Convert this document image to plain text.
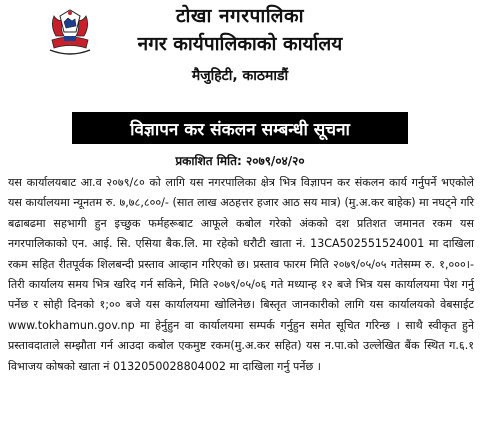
टोखा नगरपालिका
नगर कार्यपालिकाको कार्यालय
मैजुहिटी, काठमाडौं
विज्ञापन कर संकलन सम्बन्धी सूचना
प्रकाशित मिति: २०७९/०४/२०

यस कार्यालयबाट आ.व २०७९/८० को लागि यस नगरपालिका क्षेत्र भित्र विज्ञापन कर संकलन कार्य गर्नुपर्ने भएकोले यस कार्यालयमा न्यूनतम रु. ७,७८,८००/- (सात लाख अठहत्तर हजार आठ सय मात्र) (मु.अ.कर बाहेक) मा नघट्ने गरि बढाबढमा सहभागी हुन इच्छुक फर्महरूबाट आफूले कबोल गरेको अंकको दश प्रतिशत जमानत रकम यस नगरपालिकाको एन. आई. सि. एसिया बैक.लि. मा रहेको धरौटी खाता नं. 13CA502551524001 मा दाखिला रकम सहित रीतपूर्वक शिलबन्दी प्रस्ताव आव्हान गरिएको छ। प्रस्ताव फारम मिति २०७९/०५/०५ गतेसम्म रु. १,०००।- तिरी कार्यालय समय भित्र खरिद गर्न सकिने, मिति २०७९/०५/०६ गते मध्यान्ह १२ बजे भित्र यस कार्यालयमा पेश गर्नु पर्नेछ र सोही दिनको १;०० बजे यस कार्यालयमा खोलिनेछ। बिस्तृत जानकारीको लागि यस कार्यालयको वेबसाईट www.tokhamun.gov.np मा हेर्नुहुन वा कार्यालयमा सम्पर्क गर्नुहुन समेत सूचित गरिन्छ । साथै स्वीकृत हुने प्रस्तावदाताले सम्झौता गर्न आउदा कबोल एकमुष्ट रकम(मु.अ.कर सहित) यस न.पा.को उल्लेखित बैंक स्थित ग.६.१ विभाजय कोषको खाता नं 0132050028804002 मा दाखिला गर्नु पर्नेछ ।
